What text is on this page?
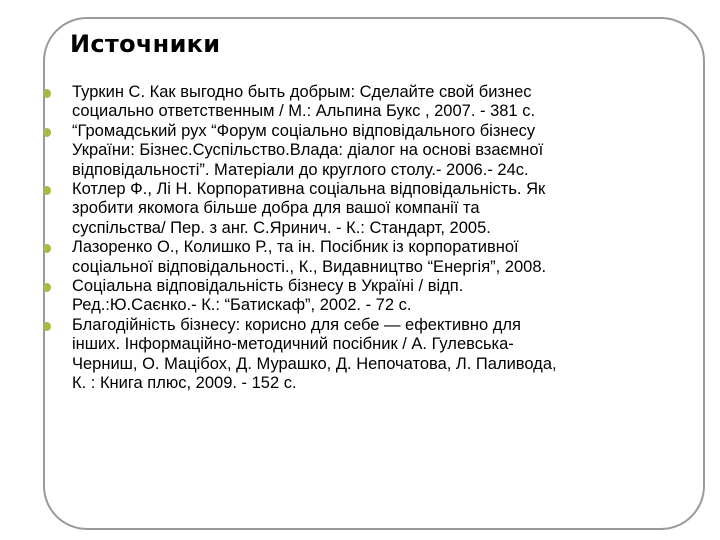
Источники
Туркин С. Как выгодно быть добрым: Сделайте свой бизнес
социально ответственным / М.: Альпина Букс , 2007. - 381 с.
“Громадський рух “Форум соціально відповідального бізнесу
України: Бізнес.Суспільство.Влада: діалог на основі взаємної
відповідальності”. Матеріали до круглого столу.- 2006.- 24с.
Котлер Ф., Лі Н. Корпоративна соціальна відповідальність. Як
зробити якомога більше добра для вашої компанії та
суспільства/ Пер. з анг. С.Яринич. - К.: Стандарт, 2005.
Лазоренко О., Колишко Р., та ін. Посібник із корпоративної
соціальної відповідальності., К., Видавництво “Енергія”, 2008.
Соціальна відповідальність бізнесу в Україні / відп.
Ред.:Ю.Саєнко.- К.: “Батискаф”, 2002. - 72 с.
Благодійність бізнесу: корисно для себе — ефективно для
інших. Інформаційно-методичний посібник / А. Гулевська-
Черниш, О. Мацібох, Д. Мурашко, Д. Непочатова, Л. Паливода,
К. : Книга плюс, 2009. - 152 с.
